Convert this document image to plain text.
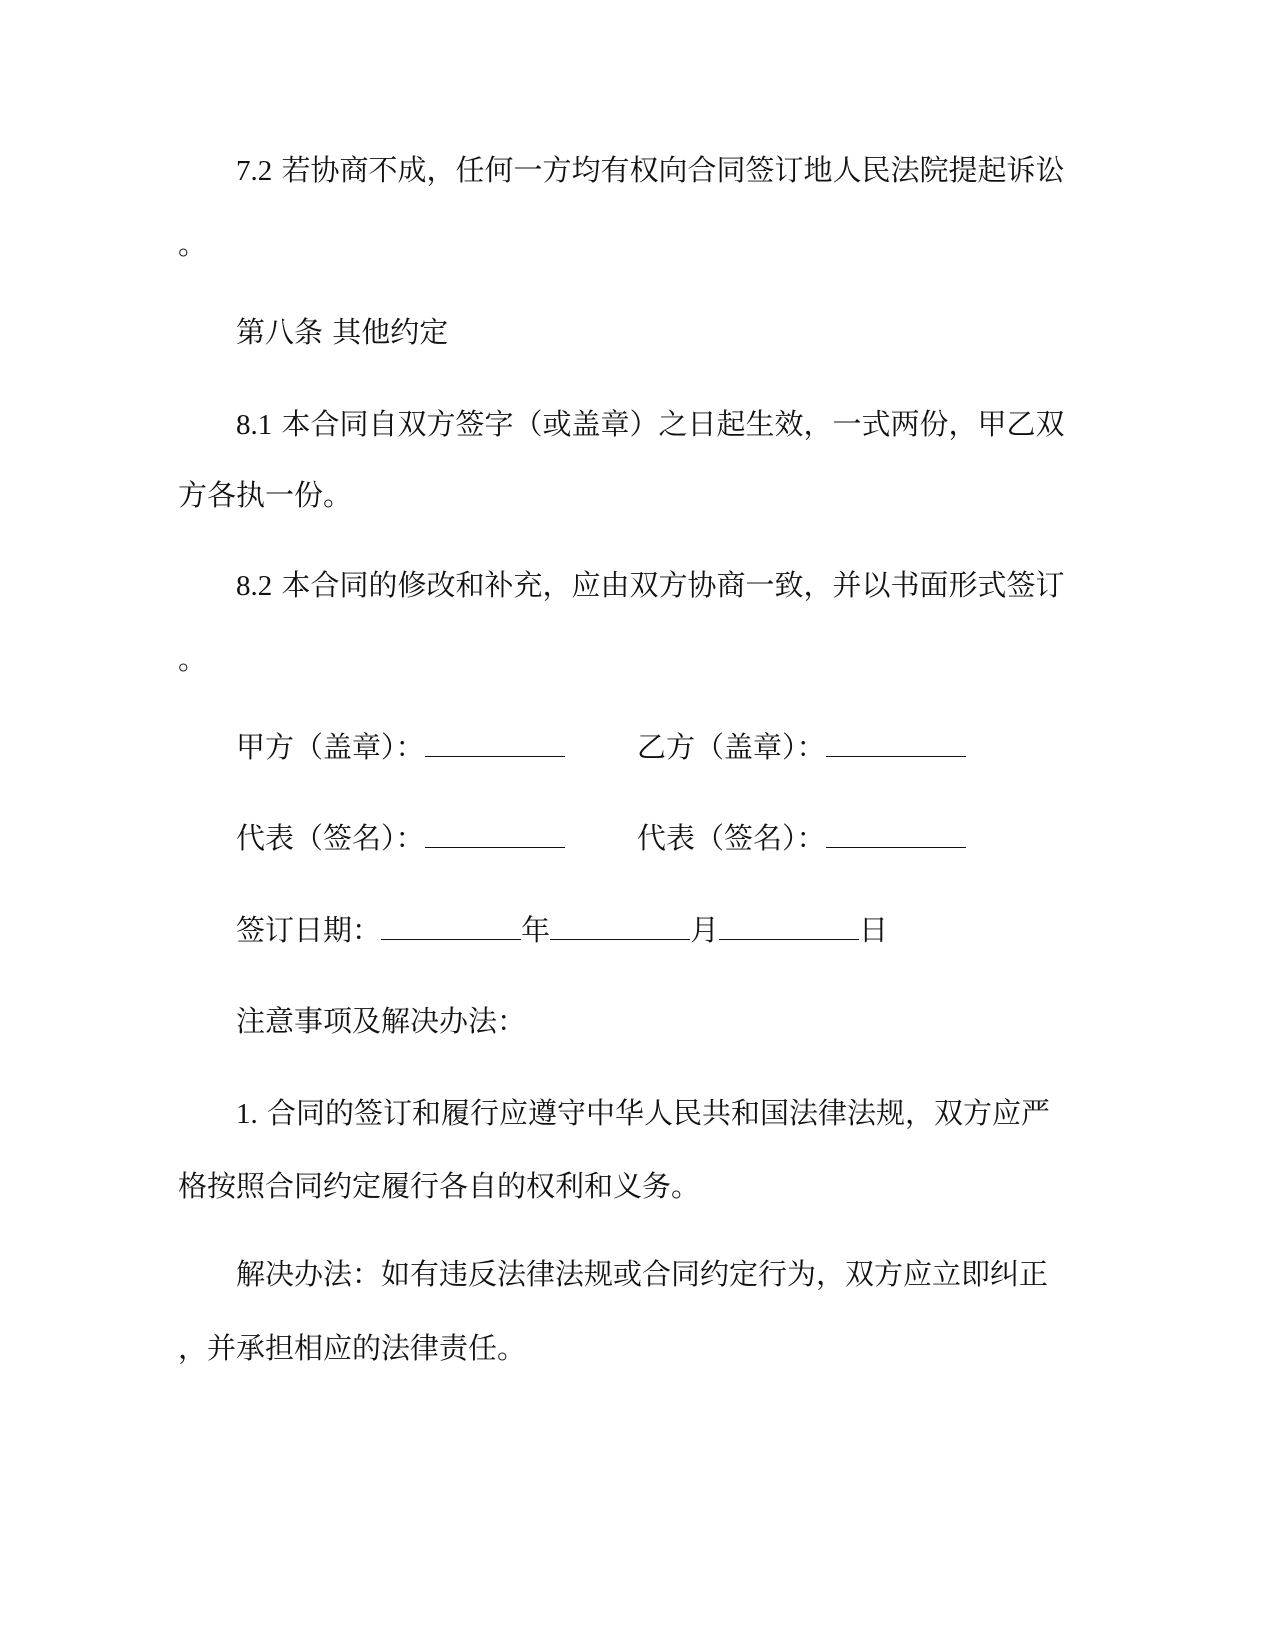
7.2 若协商不成，任何一方均有权向合同签订地人民法院提起诉讼
。
第八条 其他约定
8.1 本合同自双方签字（或盖章）之日起生效，一式两份，甲乙双
方各执一份。
8.2 本合同的修改和补充，应由双方协商一致，并以书面形式签订
。
甲方（盖章）：	乙方（盖章）：
代表（签名）：	代表（签名）：
签订日期：	年	月	日
注意事项及解决办法：
1. 合同的签订和履行应遵守中华人民共和国法律法规，双方应严
格按照合同约定履行各自的权利和义务。
解决办法：如有违反法律法规或合同约定行为，双方应立即纠正
，并承担相应的法律责任。
